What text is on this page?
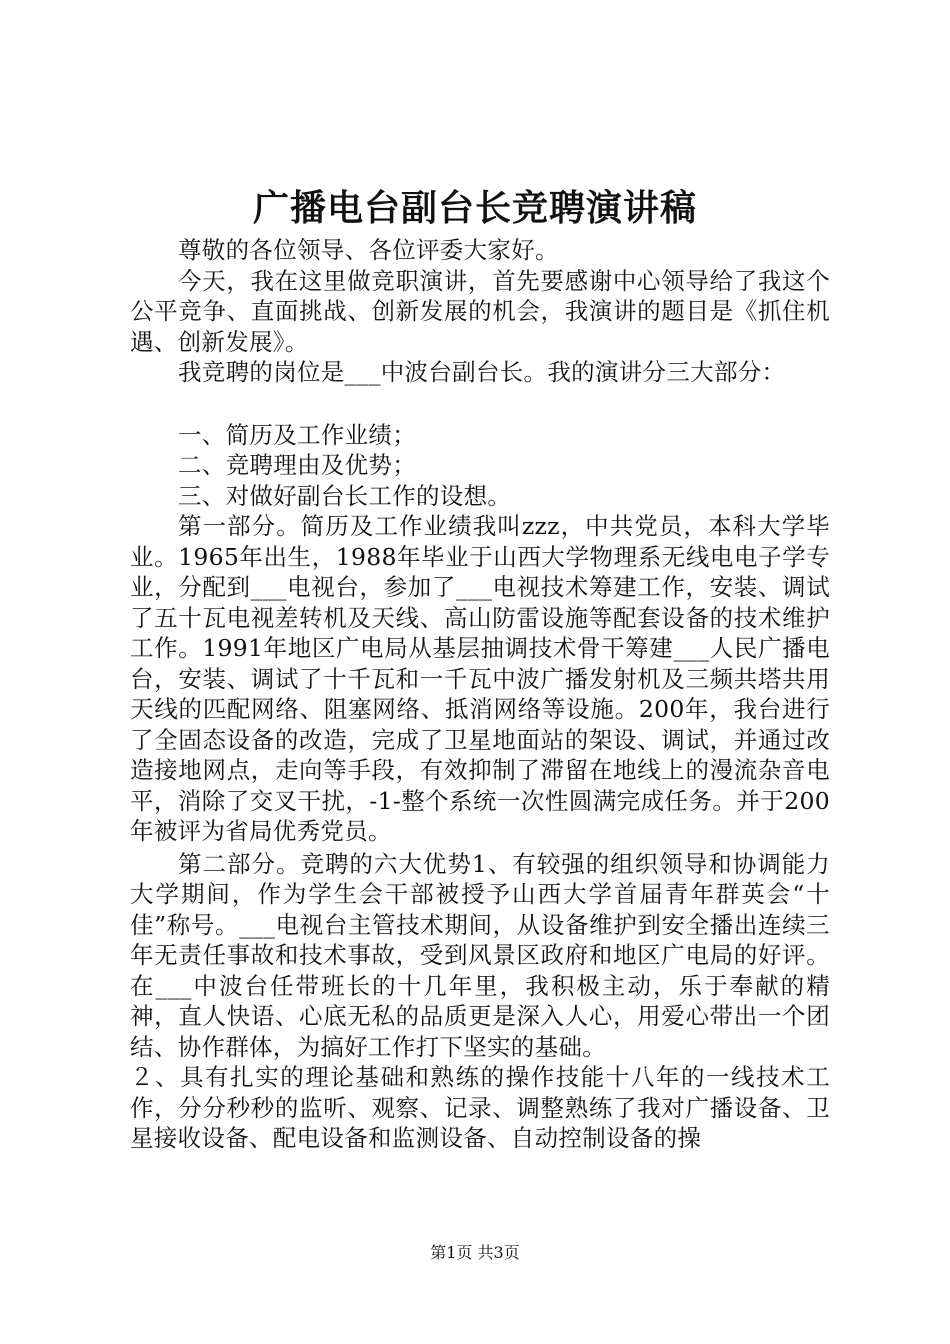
广播电台副台长竞聘演讲稿

尊敬的各位领导、各位评委大家好。

今天，我在这里做竞职演讲，首先要感谢中心领导给了我这个公平竞争、直面挑战、创新发展的机会，我演讲的题目是《抓住机遇、创新发展》。

我竞聘的岗位是___中波台副台长。我的演讲分三大部分：

一、简历及工作业绩；

二、竞聘理由及优势；

三、对做好副台长工作的设想。

第一部分。简历及工作业绩我叫zzz，中共党员，本科大学毕业。1965年出生，1988年毕业于山西大学物理系无线电电子学专业，分配到___电视台，参加了___电视技术筹建工作，安装、调试了五十瓦电视差转机及天线、高山防雷设施等配套设备的技术维护工作。1991年地区广电局从基层抽调技术骨干筹建___人民广播电台，安装、调试了十千瓦和一千瓦中波广播发射机及三频共塔共用天线的匹配网络、阻塞网络、抵消网络等设施。200年，我台进行了全固态设备的改造，完成了卫星地面站的架设、调试，并通过改造接地网点，走向等手段，有效抑制了滞留在地线上的漫流杂音电平，消除了交叉干扰，-1-整个系统一次性圆满完成任务。并于200年被评为省局优秀党员。

第二部分。竞聘的六大优势1、有较强的组织领导和协调能力大学期间，作为学生会干部被授予山西大学首届青年群英会“十佳”称号。___电视台主管技术期间，从设备维护到安全播出连续三年无责任事故和技术事故，受到风景区政府和地区广电局的好评。在___中波台任带班长的十几年里，我积极主动，乐于奉献的精神，直人快语、心底无私的品质更是深入人心，用爱心带出一个团结、协作群体，为搞好工作打下坚实的基础。

２、具有扎实的理论基础和熟练的操作技能十八年的一线技术工作，分分秒秒的监听、观察、记录、调整熟练了我对广播设备、卫星接收设备、配电设备和监测设备、自动控制设备的操

第1页 共3页
